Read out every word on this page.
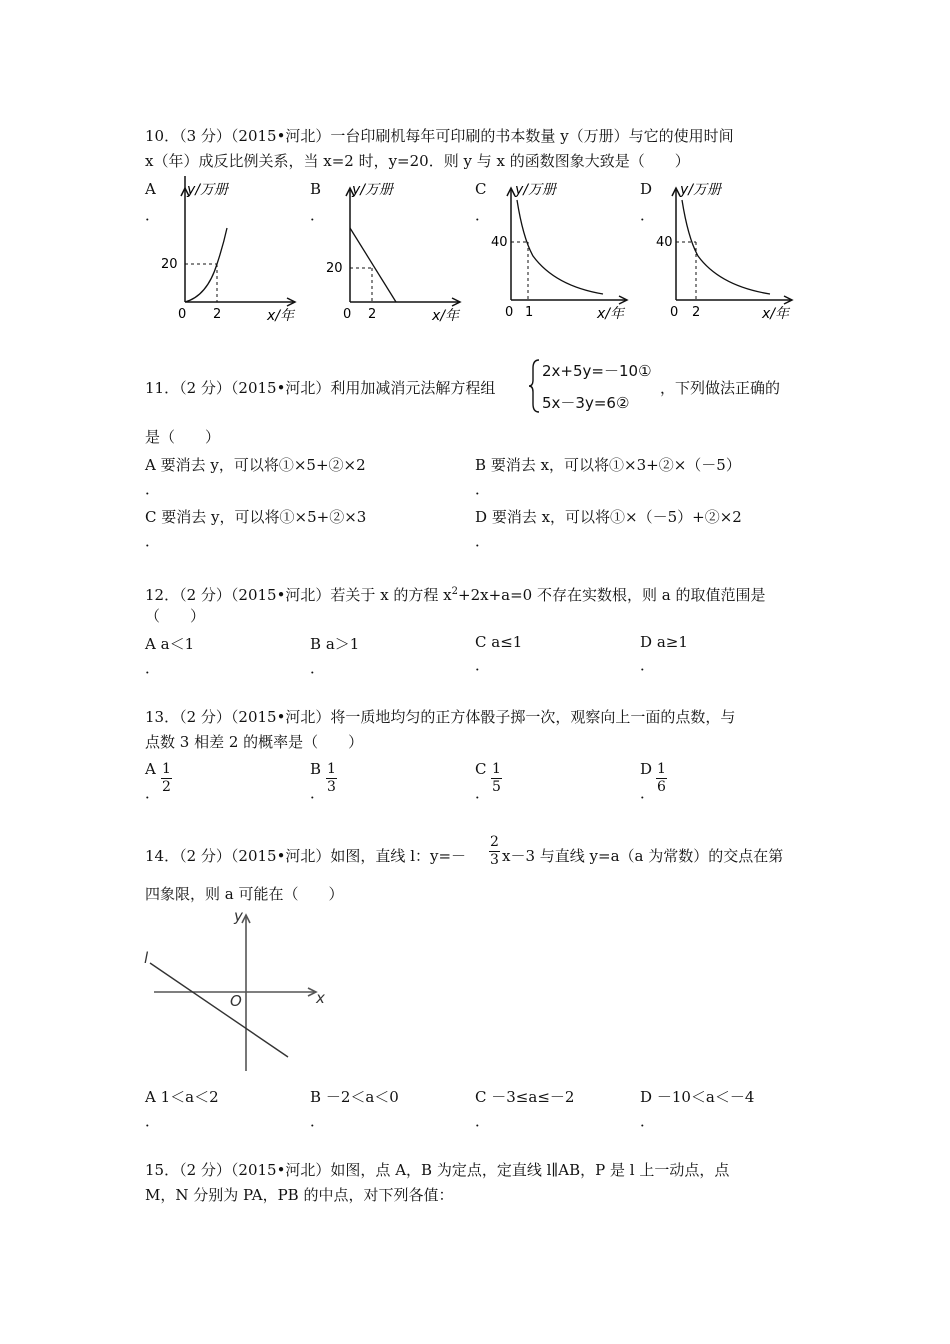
10．（3 分）（2015•河北）一台印刷机每年可印刷的书本数量 y（万册）与它的使用时间
x（年）成反比例关系，当 x=2 时，y=20．则 y 与 x 的函数图象大致是（　　）
A
．
y/万册
x/年
20
2
0
B
．
y/万册
x/年
20
2
0
C
．
y/万册
x/年
40
1
0
D
．
y/万册
x/年
40
2
0
11．（2 分）（2015•河北）利用加减消元法解方程组
2x+5y=－10①
5x－3y=6②
，下列做法正确的
是（　　）
A 要消去 y，可以将①×5+②×2
．
B 要消去 x，可以将①×3+②×（－5）
．
C 要消去 y，可以将①×5+②×3
．
D 要消去 x，可以将①×（－5）+②×2
．
12．（2 分）（2015•河北）若关于 x 的方程 $x^2+2x+a=0$ 不存在实数根，则 a 的取值范围是
（　　）
A a＜1
．
B a＞1
．
C a≤1
．
D a≥1
．
13．（2 分）（2015•河北）将一质地均匀的正方体骰子掷一次，观察向上一面的点数，与
点数 3 相差 2 的概率是（　　）
A
．
1
2
B
．
1
3
C
．
1
5
D
．
1
6
14．（2 分）（2015•河北）如图，直线 l：y=－
2
3 x－3 与直线 y=a（a 为常数）的交点在第
四象限，则 a 可能在（　　）
y
x
O
l
A 1＜a＜2
．
B －2＜a＜0
．
C －3≤a≤－2
．
D －10＜a＜－4
．
15．（2 分）（2015•河北）如图，点 A，B 为定点，定直线 l∥AB，P 是 l 上一动点，点
M，N 分别为 PA，PB 的中点，对下列各值：
